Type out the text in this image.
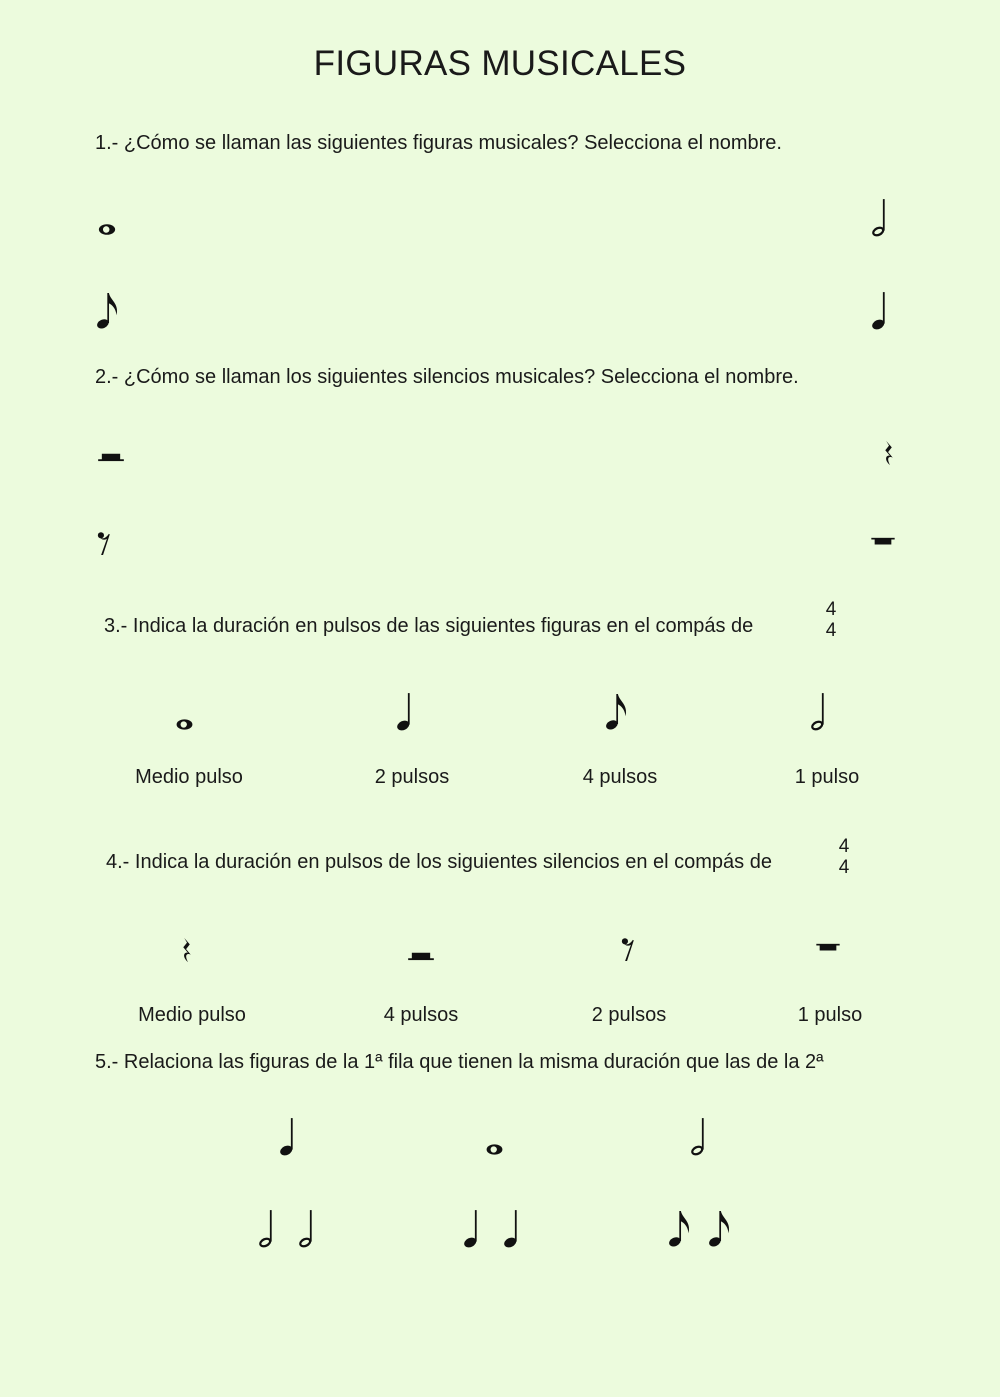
FIGURAS MUSICALES
1.- ¿Cómo se llaman las siguientes figuras musicales? Selecciona el nombre.
2.- ¿Cómo se llaman los siguientes silencios musicales? Selecciona el nombre.
3.- Indica la duración en pulsos de las siguientes figuras en el compás de
4
4
Medio pulso	2 pulsos	4 pulsos	1 pulso
4.- Indica la duración en pulsos de los siguientes silencios en el compás de
4
4
Medio pulso	4 pulsos	2 pulsos	1 pulso
5.- Relaciona las figuras de la 1ª fila que tienen la misma duración que las de la 2ª
